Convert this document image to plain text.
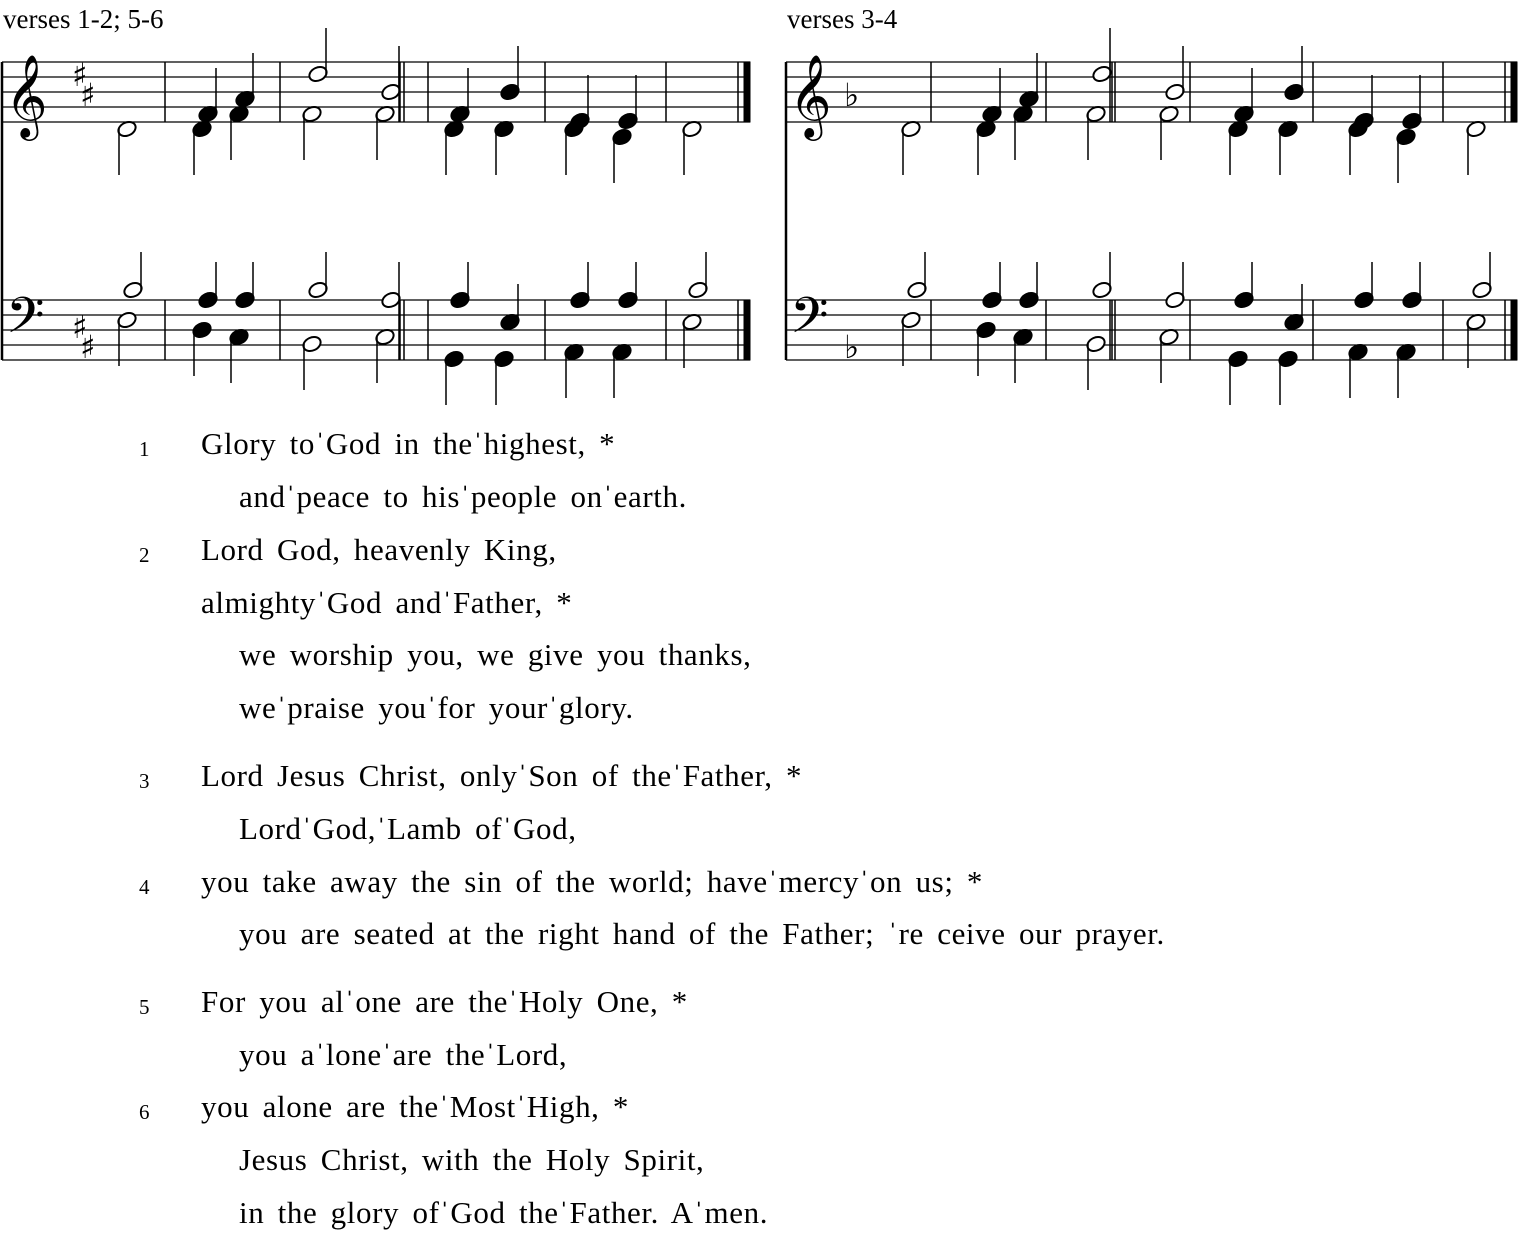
verses 1-2; 5-6	verses 3-4
𝄞
𝄢
♯
♯
♯
♯
𝄞
𝄢
♭
♭
1 Glory toˈGod in theˈhighest, *
andˈpeace to hisˈpeople onˈearth.
2 Lord God, heavenly King,
almightyˈGod andˈFather, *
we worship you, we give you thanks,
weˈpraise youˈfor yourˈglory.
3 Lord Jesus Christ, onlyˈSon of theˈFather, *
LordˈGod,ˈLamb ofˈGod,
4 you take away the sin of the world; haveˈmercyˈon us; *
you are seated at the right hand of the Father; ˈre ceive our prayer.
5 For you alˈone are theˈHoly One, *
you aˈloneˈare theˈLord,
6 you alone are theˈMostˈHigh, *
Jesus Christ, with the Holy Spirit,
in the glory ofˈGod theˈFather. Aˈmen.
